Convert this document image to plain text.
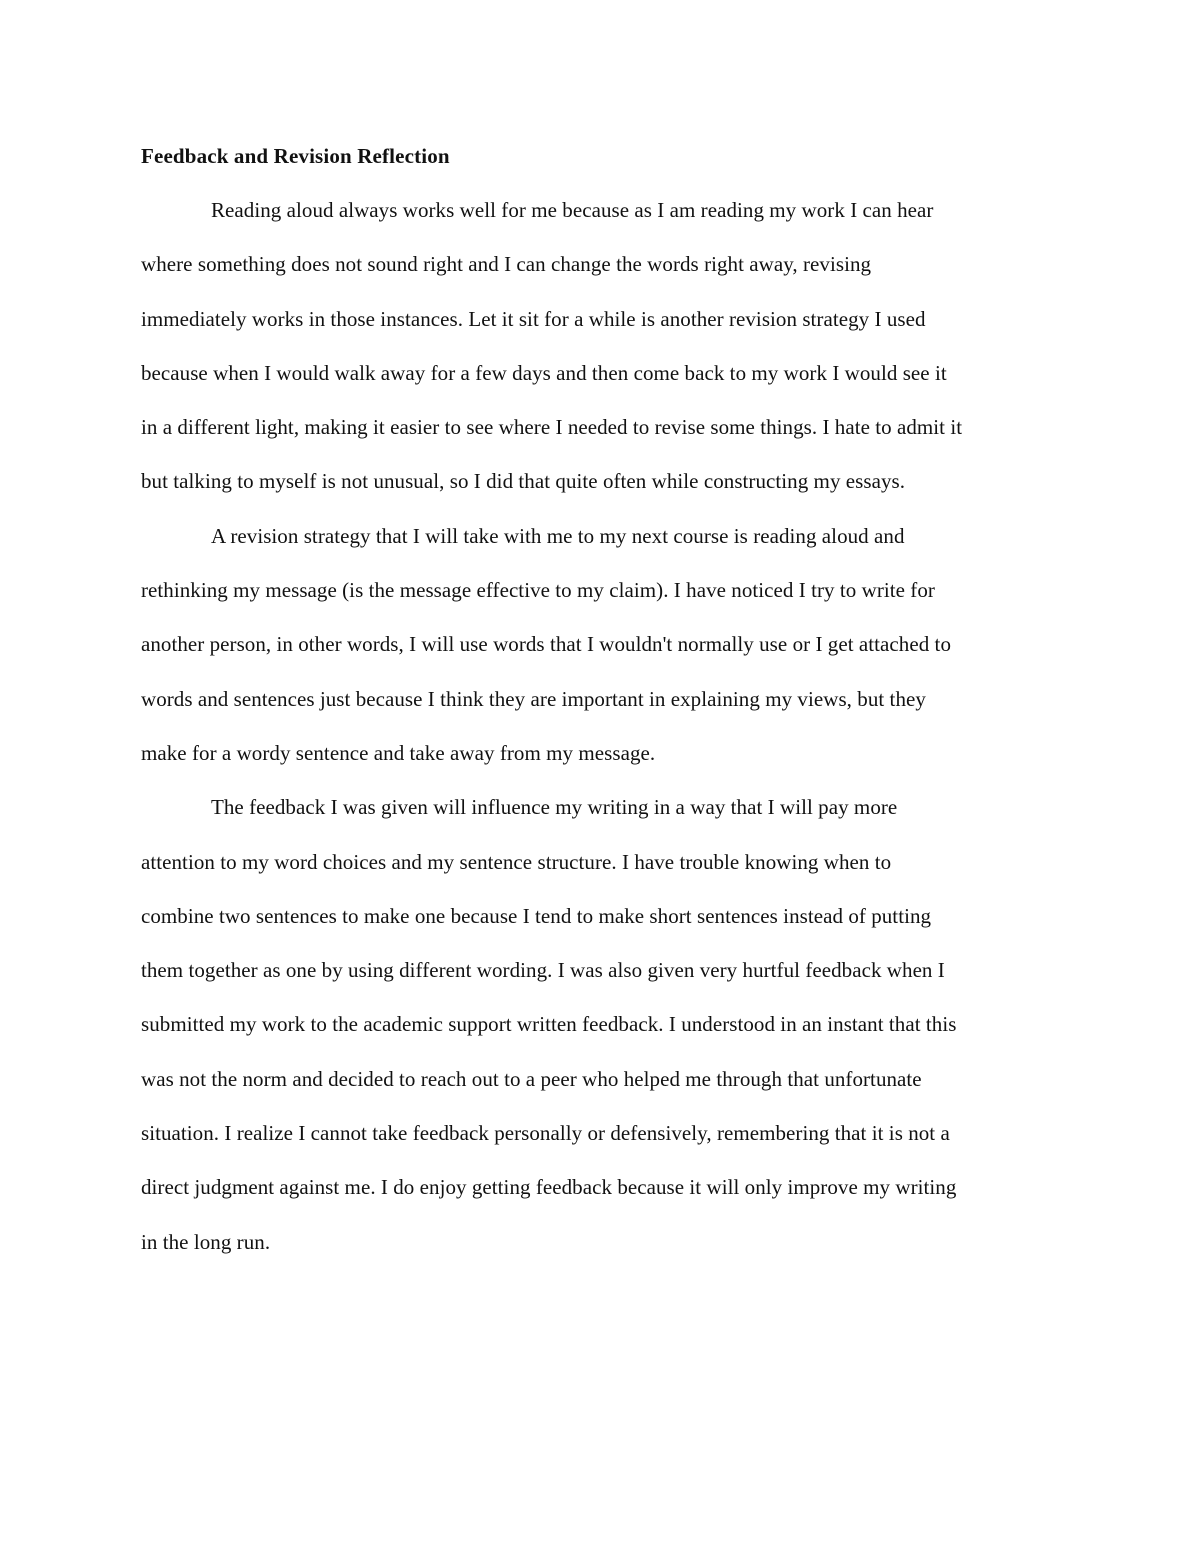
Feedback and Revision Reflection
Reading aloud always works well for me because as I am reading my work I can hear
where something does not sound right and I can change the words right away, revising
immediately works in those instances. Let it sit for a while is another revision strategy I used
because when I would walk away for a few days and then come back to my work I would see it
in a different light, making it easier to see where I needed to revise some things. I hate to admit it
but talking to myself is not unusual, so I did that quite often while constructing my essays.
A revision strategy that I will take with me to my next course is reading aloud and
rethinking my message (is the message effective to my claim). I have noticed I try to write for
another person, in other words, I will use words that I wouldn't normally use or I get attached to
words and sentences just because I think they are important in explaining my views, but they
make for a wordy sentence and take away from my message.
The feedback I was given will influence my writing in a way that I will pay more
attention to my word choices and my sentence structure. I have trouble knowing when to
combine two sentences to make one because I tend to make short sentences instead of putting
them together as one by using different wording. I was also given very hurtful feedback when I
submitted my work to the academic support written feedback. I understood in an instant that this
was not the norm and decided to reach out to a peer who helped me through that unfortunate
situation. I realize I cannot take feedback personally or defensively, remembering that it is not a
direct judgment against me. I do enjoy getting feedback because it will only improve my writing
in the long run.
